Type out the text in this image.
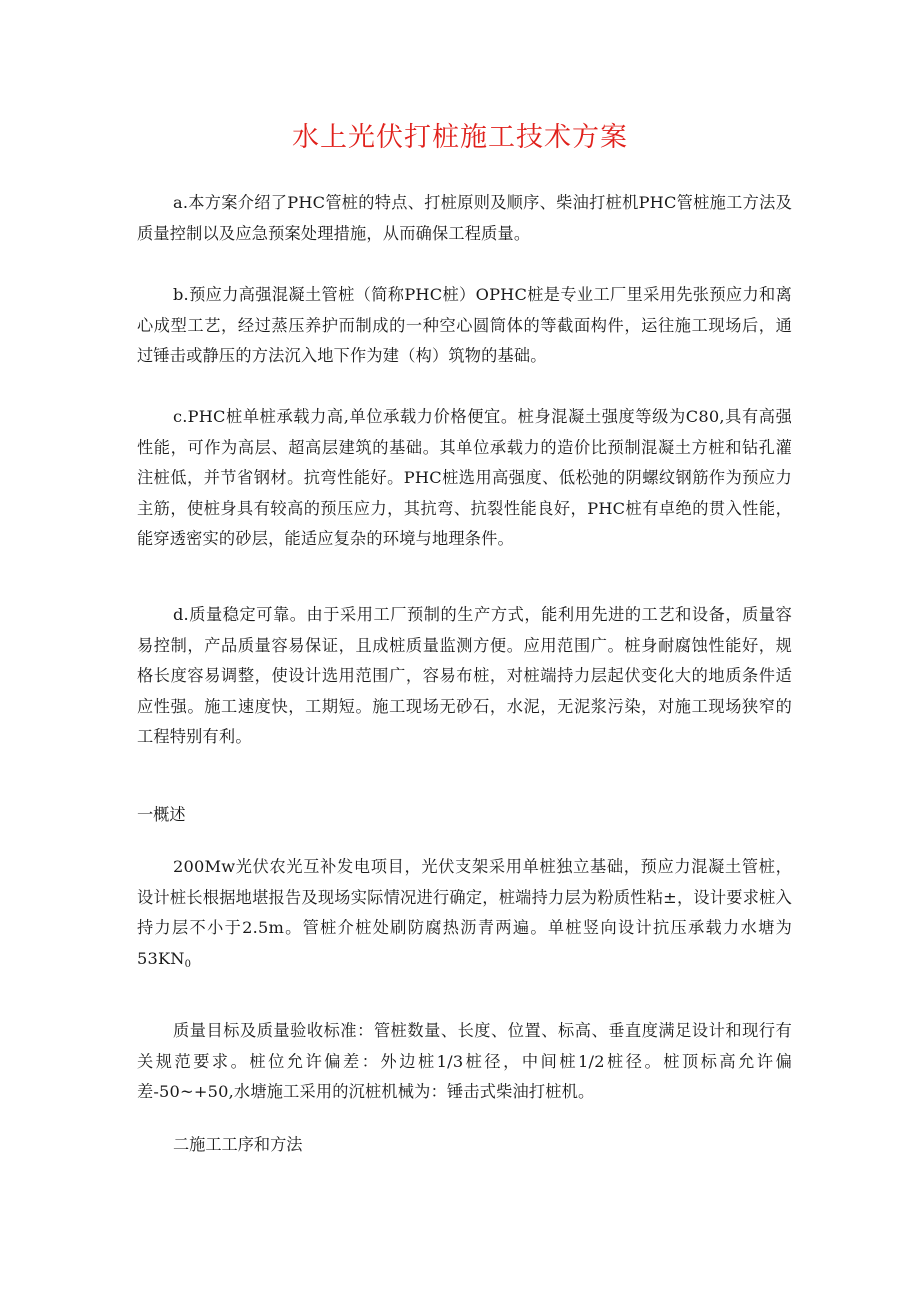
水上光伏打桩施工技术方案

a.本方案介绍了PHC管桩的特点、打桩原则及顺序、柴油打桩机PHC管桩施工方法及质量控制以及应急预案处理措施，从而确保工程质量。

b.预应力高强混凝土管桩（简称PHC桩）OPHC桩是专业工厂里采用先张预应力和离心成型工艺，经过蒸压养护而制成的一种空心圆筒体的等截面构件，运往施工现场后，通过锤击或静压的方法沉入地下作为建（构）筑物的基础。

c.PHC桩单桩承载力高,单位承载力价格便宜。桩身混凝土强度等级为C80,具有高强性能，可作为高层、超高层建筑的基础。其单位承载力的造价比预制混凝土方桩和钻孔灌注桩低，并节省钢材。抗弯性能好。PHC桩选用高强度、低松弛的阴螺纹钢筋作为预应力主筋，使桩身具有较高的预压应力，其抗弯、抗裂性能良好，PHC桩有卓绝的贯入性能，能穿透密实的砂层，能适应复杂的环境与地理条件。

d.质量稳定可靠。由于采用工厂预制的生产方式，能利用先进的工艺和设备，质量容易控制，产品质量容易保证，且成桩质量监测方便。应用范围广。桩身耐腐蚀性能好，规格长度容易调整，使设计选用范围广，容易布桩，对桩端持力层起伏变化大的地质条件适应性强。施工速度快，工期短。施工现场无砂石，水泥，无泥浆污染，对施工现场狭窄的工程特别有利。

一概述

200Mw光伏农光互补发电项目，光伏支架采用单桩独立基础，预应力混凝土管桩，设计桩长根据地堪报告及现场实际情况进行确定，桩端持力层为粉质性粘±，设计要求桩入持力层不小于2.5m。管桩介桩处刷防腐热沥青两遍。单桩竖向设计抗压承载力水塘为$53KN_0$

质量目标及质量验收标准：管桩数量、长度、位置、标高、垂直度满足设计和现行有关规范要求。桩位允许偏差：外边桩1/3桩径，中间桩1/2桩径。桩顶标高允许偏差-50~+50,水塘施工采用的沉桩机械为：锤击式柴油打桩机。

二施工工序和方法
